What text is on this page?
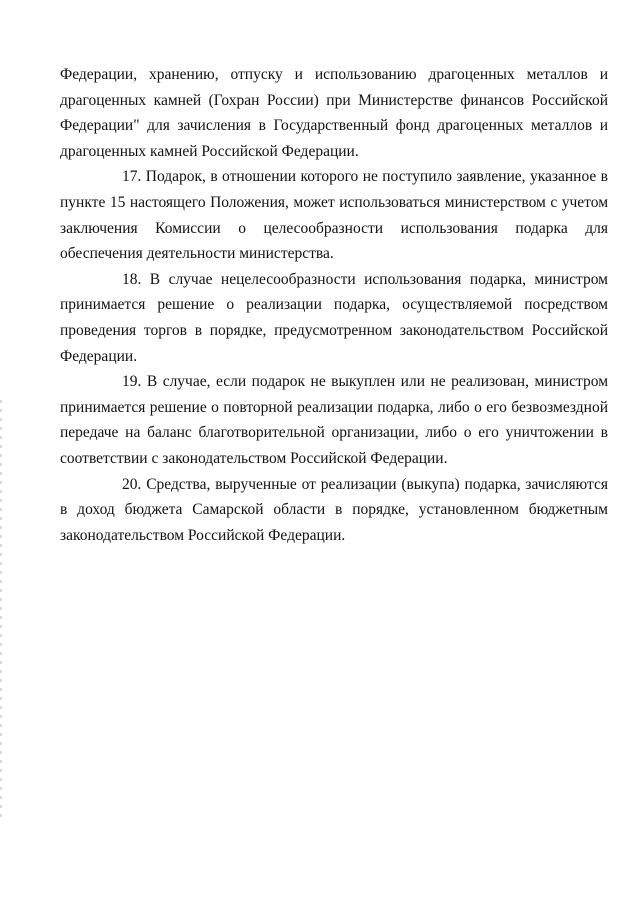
Федерации, хранению, отпуску и использованию драгоценных металлов и драгоценных камней (Гохран России) при Министерстве финансов Российской Федерации" для зачисления в Государственный фонд драгоценных металлов и драгоценных камней Российской Федерации.

17. Подарок, в отношении которого не поступило заявление, указанное в пункте 15 настоящего Положения, может использоваться министерством с учетом заключения Комиссии о целесообразности использования подарка для обеспечения деятельности министерства.

18. В случае нецелесообразности использования подарка, министром принимается решение о реализации подарка, осуществляемой посредством проведения торгов в порядке, предусмотренном законодательством Российской Федерации.

19. В случае, если подарок не выкуплен или не реализован, министром принимается решение о повторной реализации подарка, либо о его безвозмездной передаче на баланс благотворительной организации, либо о его уничтожении в соответствии с законодательством Российской Федерации.

20. Средства, вырученные от реализации (выкупа) подарка, зачисляются в доход бюджета Самарской области в порядке, установленном бюджетным законодательством Российской Федерации.
